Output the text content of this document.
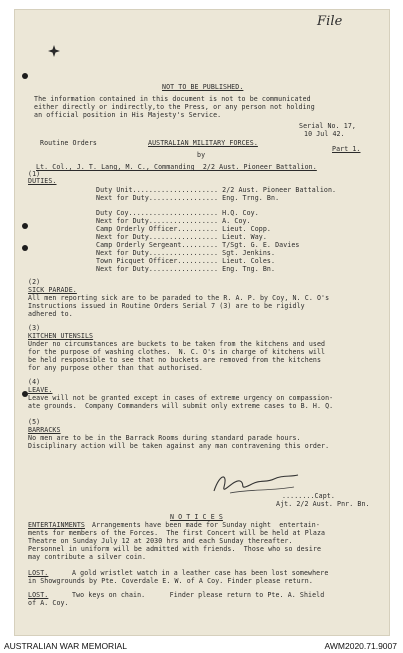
File
NOT TO BE PUBLISHED.
The information contained in this document is not to be communicated
either directly or indirectly,to the Press, or any person not holding
an official position in His Majesty's Service.
Serial No. 17,
10 Jul 42.
AUSTRALIAN MILITARY FORCES.
Routine Orders
Part 1.
by
Lt. Col., J. T. Lang, M. C., Commanding  2/2 Aust. Pioneer Battalion.
(1)
DUTIES.
Duty Unit..................... 2/2 Aust. Pioneer Battalion.
Next for Duty................. Eng. Trng. Bn.
Duty Coy...................... H.Q. Coy.
Next for Duty................. A. Coy.
Camp Orderly Officer.......... Lieut. Copp.
Next for Duty................. Lieut. Way.
Camp Orderly Sergeant......... T/Sgt. G. E. Davies
Next for Duty................. Sgt. Jenkins.
Town Picquet Officer.......... Lieut. Coles.
Next for Duty................. Eng. Tng. Bn.
(2)
SICK PARADE.
All men reporting sick are to be paraded to the R. A. P. by Coy, N. C. O's
Instructions issued in Routine Orders Serial 7 (3) are to be rigidly
adhered to.
(3)
KITCHEN UTENSILS
Under no circumstances are buckets to be taken from the kitchens and used
for the purpose of washing clothes.  N. C. O's in charge of kitchens will
be held responsible to see that no buckets are removed from the kitchens
for any purpose other than that authorised.
(4)
LEAVE.
Leave will not be granted except in cases of extreme urgency on compassion-
ate grounds.  Company Commanders will submit only extreme cases to B. H. Q.
(5)
BARRACKS
No men are to be in the Barrack Rooms during standard parade hours.
Disciplinary action will be taken against any man contravening this order.
........Capt.
Ajt. 2/2 Aust. Pnr. Bn.
N O T I C E S
ENTERTAINMENTS Arrangements have been made for Sunday night  entertain-
ments for members of the Forces.  The first Concert will be held at Plaza
Theatre on Sunday July 12 at 2030 hrs and each Sunday thereafter.
Personnel in uniform will be admitted with friends.  Those who so desire
may contribute a silver coin.
LOST.	A gold wristlet watch in a leather case has been lost somewhere
in Showgrounds by Pte. Coverdale E. W. of A Coy. Finder please return.
LOST.	Two keys on chain.      Finder please return to Pte. A. Shield
of A. Coy.
AUSTRALIAN WAR MEMORIAL	AWM2020.71.9007
